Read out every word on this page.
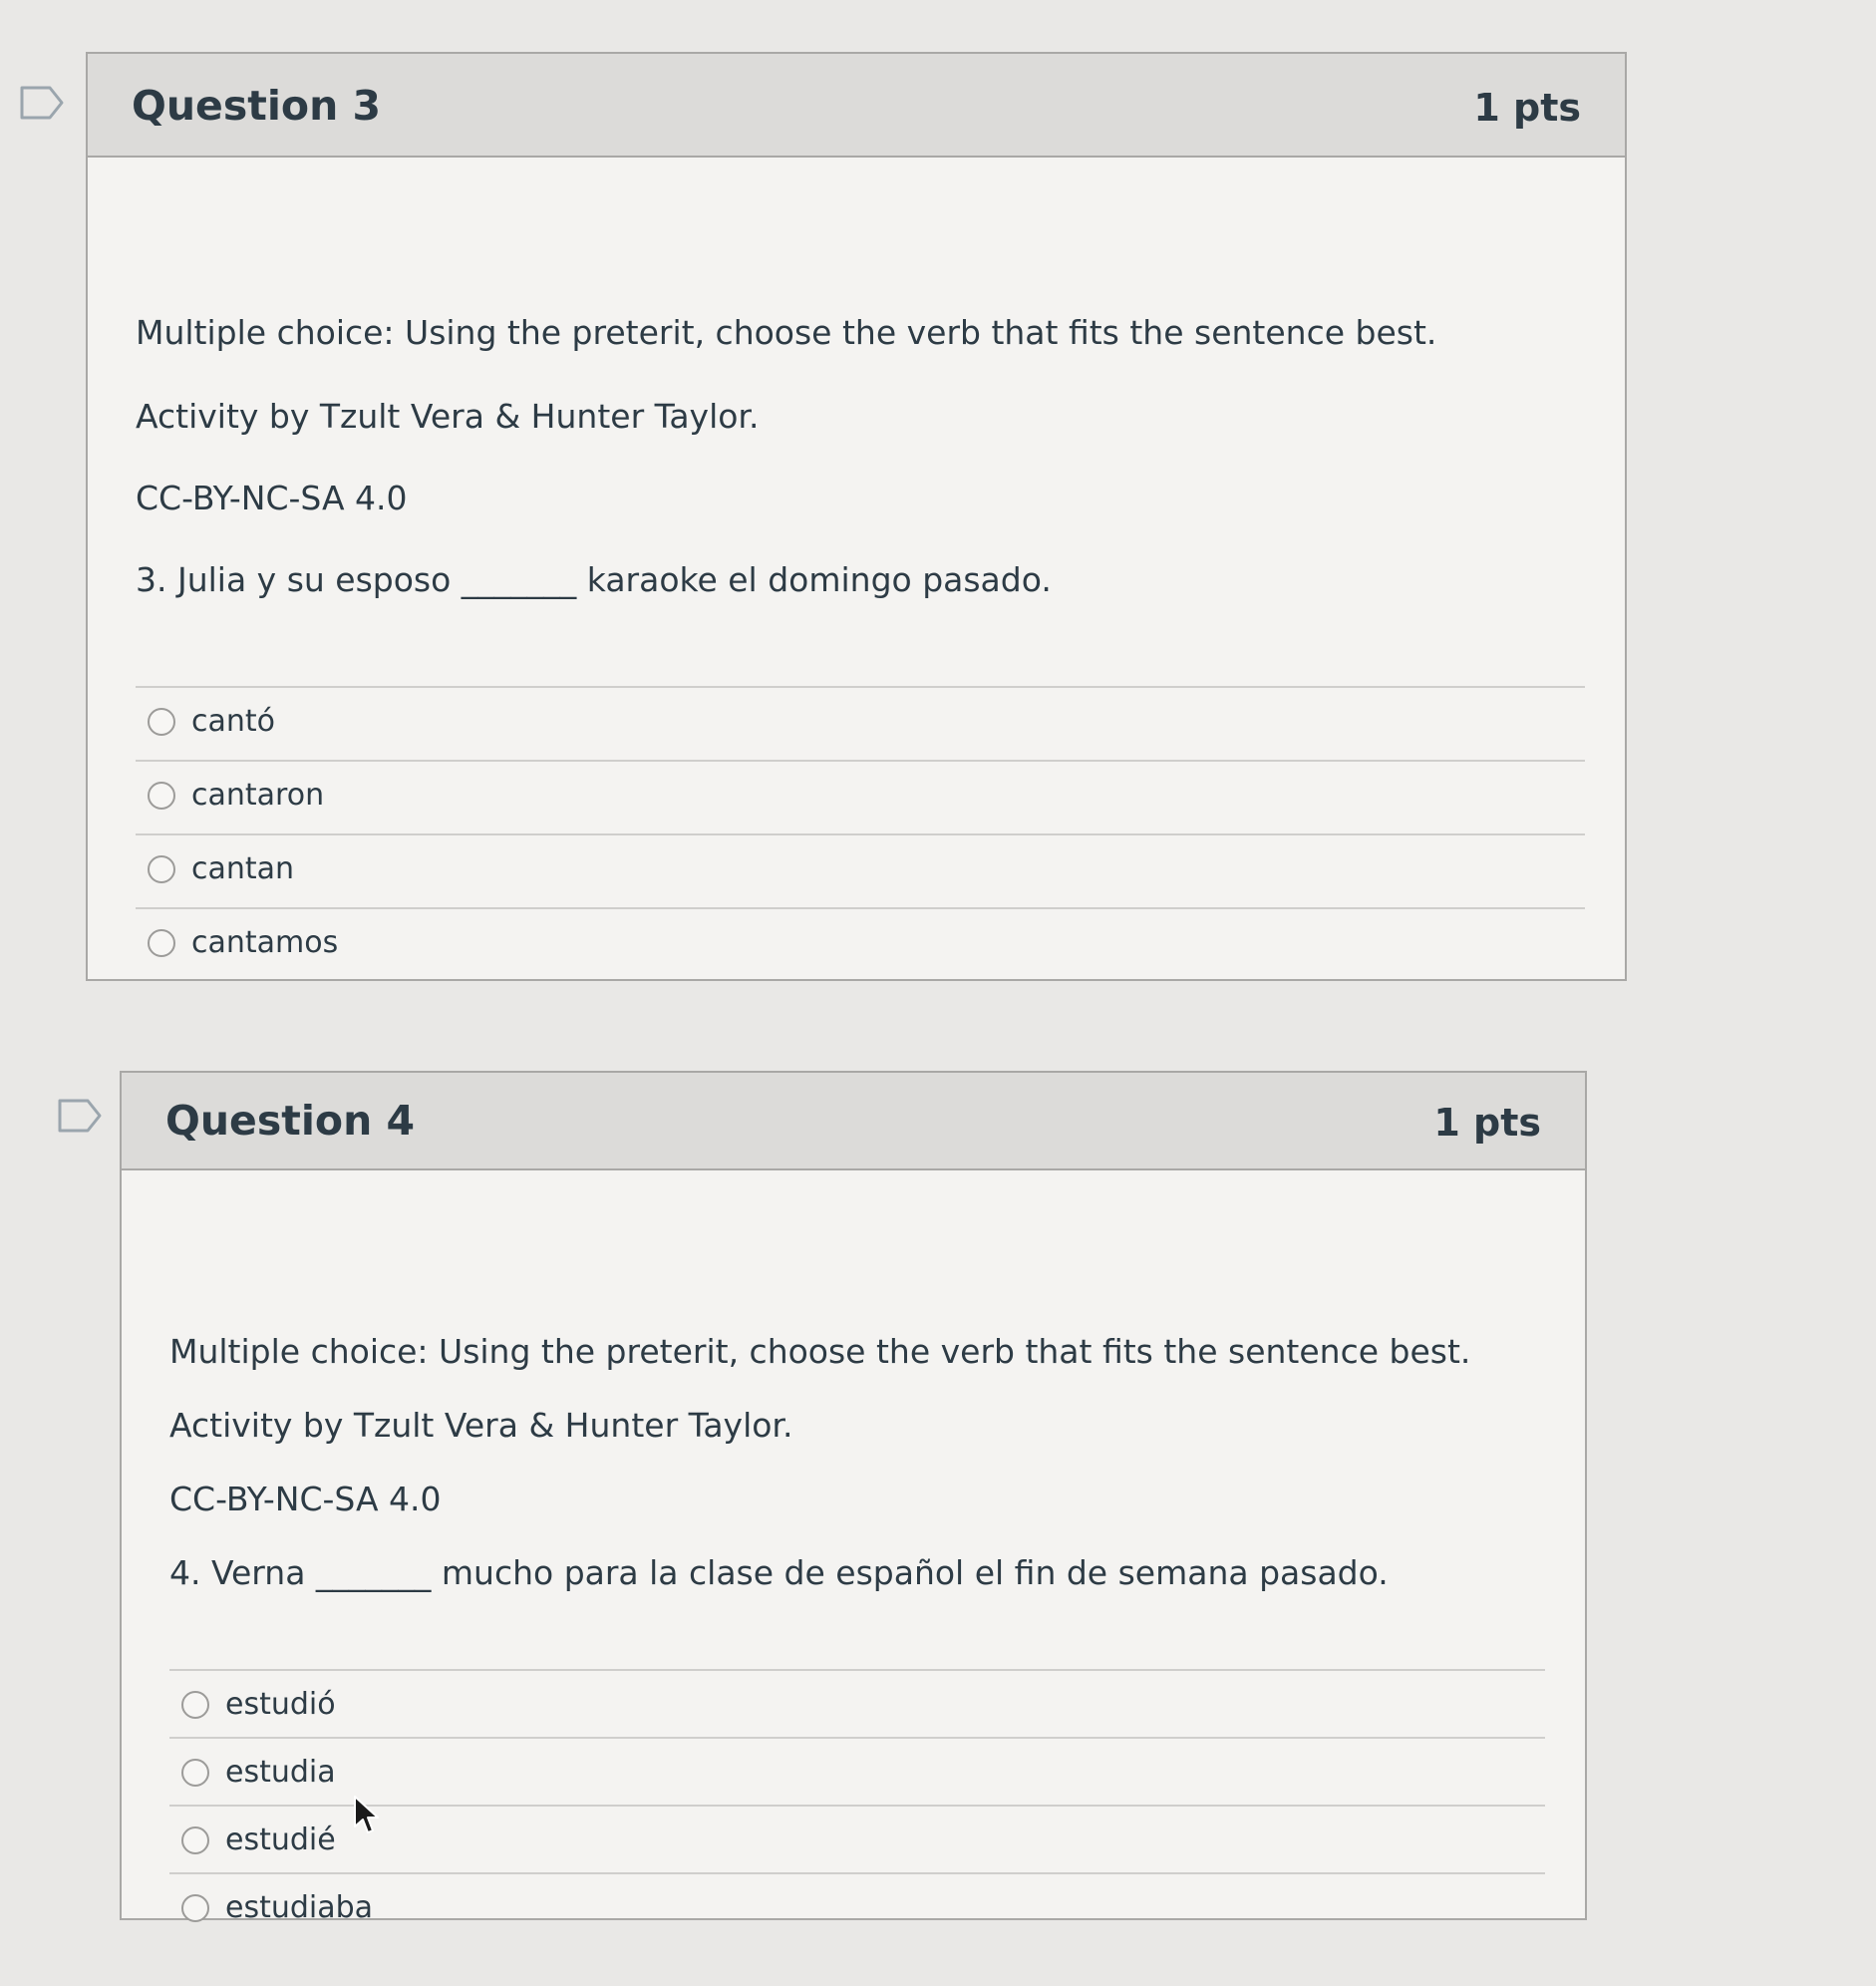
Question 3	1 pts
Multiple choice: Using the preterit, choose the verb that fits the sentence best.
Activity by Tzult Vera & Hunter Taylor.
CC-BY-NC-SA 4.0
3. Julia y su esposo _______ karaoke el domingo pasado.
cantó
cantaron
cantan
cantamos
Question 4	1 pts
Multiple choice: Using the preterit, choose the verb that fits the sentence best.
Activity by Tzult Vera & Hunter Taylor.
CC-BY-NC-SA 4.0
4. Verna _______ mucho para la clase de español el fin de semana pasado.
estudió
estudia
estudié
estudiaba
